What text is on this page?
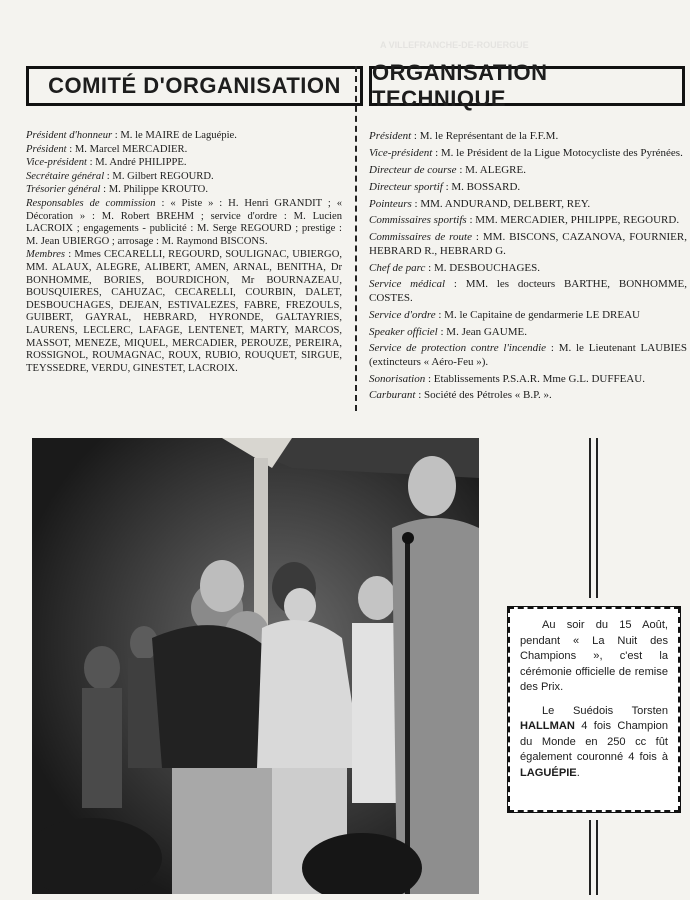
A VILLEFRANCHE-DE-ROUERGUE
COMITÉ D'ORGANISATION

Président d'honneur : M. le MAIRE de Laguépie.

Président : M. Marcel MERCADIER.

Vice-président : M. André PHILIPPE.

Secrétaire général : M. Gilbert REGOURD.

Trésorier général : M. Philippe KROUTO.

Responsables de commission : « Piste » : H. Henri GRANDIT ; « Décoration » : M. Robert BREHM ; service d'ordre : M. Lucien LACROIX ; engagements - publicité : M. Serge REGOURD ; prestige : M. Jean UBIERGO ; arrosage : M. Raymond BISCONS.

Membres : Mmes CECARELLI, REGOURD, SOULIGNAC, UBIERGO, MM. ALAUX, ALEGRE, ALIBERT, AMEN, ARNAL, BENITHA, Dr BONHOMME, BORIES, BOURDICHON, Mr BOURNAZEAU, BOUSQUIERES, CAHUZAC, CECARELLI, COURBIN, DALET, DESBOUCHAGES, DEJEAN, ESTIVALEZES, FABRE, FREZOULS, GUIBERT, GAYRAL, HEBRARD, HYRONDE, GALTAYRIES, LAURENS, LECLERC, LAFAGE, LENTENET, MARTY, MARCOS, MASSOT, MENEZE, MIQUEL, MERCADIER, PEROUZE, PEREIRA, ROSSIGNOL, ROUMAGNAC, ROUX, RUBIO, ROUQUET, SIRGUE, TEYSSEDRE, VERDU, GINESTET, LACROIX.

ORGANISATION TECHNIQUE

Président : M. le Représentant de la F.F.M.

Vice-président : M. le Président de la Ligue Motocycliste des Pyrénées.

Directeur de course : M. ALEGRE.

Directeur sportif : M. BOSSARD.

Pointeurs : MM. ANDURAND, DELBERT, REY.

Commissaires sportifs : MM. MERCADIER, PHILIPPE, REGOURD.

Commissaires de route : MM. BISCONS, CAZANOVA, FOURNIER, HEBRARD R., HEBRARD G.

Chef de parc : M. DESBOUCHAGES.

Service médical : MM. les docteurs BARTHE, BONHOMME, COSTES.

Service d'ordre : M. le Capitaine de gendarmerie LE DREAU

Speaker officiel : M. Jean GAUME.

Service de protection contre l'incendie : M. le Lieutenant LAUBIES (extincteurs « Aéro-Feu »).

Sonorisation : Etablissements P.S.A.R. Mme G.L. DUFFEAU.

Carburant : Société des Pétroles « B.P. ».

Au soir du 15 Août, pendant « La Nuit des Champions », c'est la cérémonie officielle de remise des Prix.

Le Suédois Torsten HALLMAN 4 fois Champion du Monde en 250 cc fût également couronné 4 fois à LAGUÉPIE.
